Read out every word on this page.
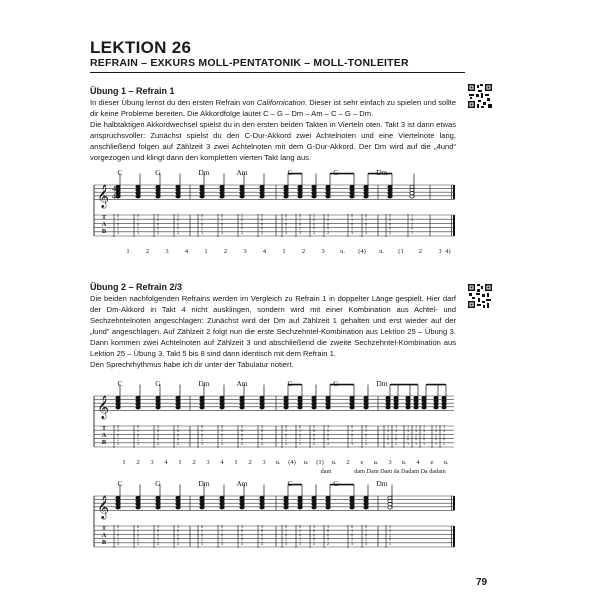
LEKTION 26
REFRAIN – EXKURS MOLL-PENTATONIK – MOLL-TONLEITER
Übung 1 – Refrain 1

In dieser Übung lernst du den ersten Refrain von Californication. Dieser ist sehr einfach zu spielen und sollte dir keine Probleme bereiten. Die Akkordfolge lautet C – G – Dm – Am – C – G – Dm.

Die halbtaktigen Akkordwechsel spielst du in den ersten beiden Takten in Vierteln oten. Takt 3 ist dann etwas anspruchsvoller: Zunächst spielst du den C-Dur-Akkord zwei Achtelnoten und eine Viertelnote lang, anschließend folgen auf Zählzeit 3 zwei Achtelnoten mit dem G-Dur-Akkord. Der Dm wird auf die „4und“ vorgezogen und klingt dann den kompletten vierten Takt lang aus.

𝄞 4
4
T
A
B
0
1
0
2
3
0
1
0
2
3
3
0
0
0
2
3
0
0
0
2
0
1
0
2
3
0
1
0
2
3
3
0
0
0
2
3
0
0
0
2
0
1
0
2
3
0
1
0
2
3
3
0
0
0
2
3
0
0
0
2
0
1
0
2
3
0
1
0
2
3
3
0
0
0
2
1
3
2
0
1
C	G	Dm	Am	C	G	Dm
1	2	3	4	1	2	3	4	1	2	3 u. (4) u. (1 2	3 4)
Übung 2 – Refrain 2/3

Die beiden nachfolgenden Refrains werden im Vergleich zu Refrain 1 in doppelter Länge gespielt. Hier darf der Dm-Akkord in Takt 4 nicht ausklingen, sondern wird mit einer Kombination aus Achtel- und Sechzehntelnoten angeschlagen: Zunächst wird der Dm auf Zählzeit 1 gehalten und erst wieder auf der „lund“ angeschlagen. Auf Zählzeit 2 folgt nun die erste Sechzehntel-Kombination aus Lektion 25 – Übung 3. Dann kommen zwei Achtelnoten auf Zählzeit 3 und abschließend die zweite Sechzehntel-Kombination aus Lektion 25 – Übung 3. Takt 5 bis 8 sind dann identisch mit dem Refrain 1.

Den Sprechrhythmus habe ich dir unter der Tabulatur notiert.

𝄞
T
A
B
0
1
0
2
3
0
1
0
2
3
3
0
0
0
2
3
0
0
0
2
0
1
0
2
3
0
1
0
2
3
3
0
0
0
2
3
0
0
0
2
0
1
0
2
3
0
1
0
2
3
3
0
0
0
2
3
0
0
0
2
0
1
0
2
3
0
1
0
2
3
1
3
2
0
1
1
3
2
0
1
1
3
2
0
1
1
3
2
0
1
1
3
2
0
1
1
3
2
0
1
1
3
2
0
1
C	G	Dm	Am	C	G	Dm
1 2 3 4 1 2 3 4 1 2 3 u. (4) u. (1) u. 2 e u. 3 u. 4 e u.
dam	dam Dam Dam da Dadam Da dadam
𝄞
T
A
B
0
1
0
2
3
0
1
0
2
3
3
0
0
0
2
3
0
0
0
2
0
1
0
2
3
0
1
0
2
3
3
0
0
0
2
3
0
0
0
2
0
1
0
2
3
0
1
0
2
3
3
0
0
0
2
3
0
0
0
2
0
1
0
2
3
0
1
0
2
3
1
3
2
0
1
C	G	Dm	Am	C	G	Dm
79
